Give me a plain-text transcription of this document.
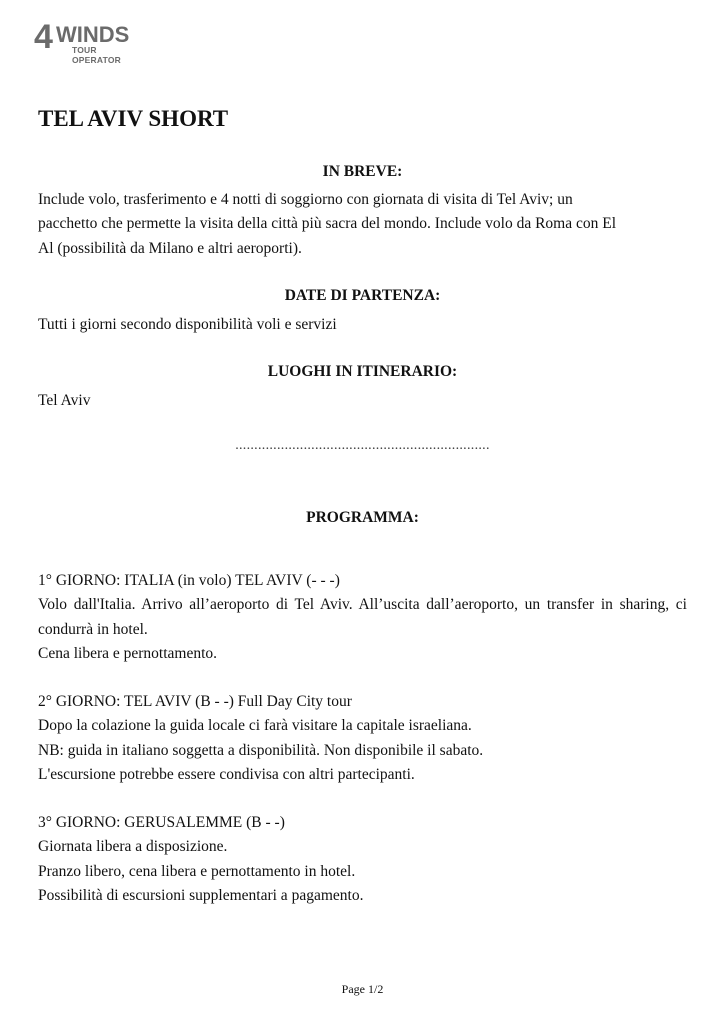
4 WINDS
TOUR OPERATOR
TEL AVIV SHORT
IN BREVE:

Include volo, trasferimento e 4 notti di soggiorno con giornata di visita di Tel Aviv; un
pacchetto che permette la visita della città più sacra del mondo. Include volo da Roma con El
Al (possibilità da Milano e altri aeroporti).

DATE DI PARTENZA:

Tutti i giorni secondo disponibilità voli e servizi

LUOGHI IN ITINERARIO:

Tel Aviv

...................................................................

PROGRAMMA:
1° GIORNO: ITALIA (in volo) TEL AVIV (- - -)
Volo dall'Italia. Arrivo all’aeroporto di Tel Aviv. All’uscita dall’aeroporto, un transfer in sharing, ci condurrà in hotel.
Cena libera e pernottamento.
2° GIORNO: TEL AVIV (B - -) Full Day City tour
Dopo la colazione la guida locale ci farà visitare la capitale israeliana.
NB: guida in italiano soggetta a disponibilità. Non disponibile il sabato.
L'escursione potrebbe essere condivisa con altri partecipanti.
3° GIORNO: GERUSALEMME (B - -)
Giornata libera a disposizione.
Pranzo libero, cena libera e pernottamento in hotel.
Possibilità di escursioni supplementari a pagamento.

Page 1/2
